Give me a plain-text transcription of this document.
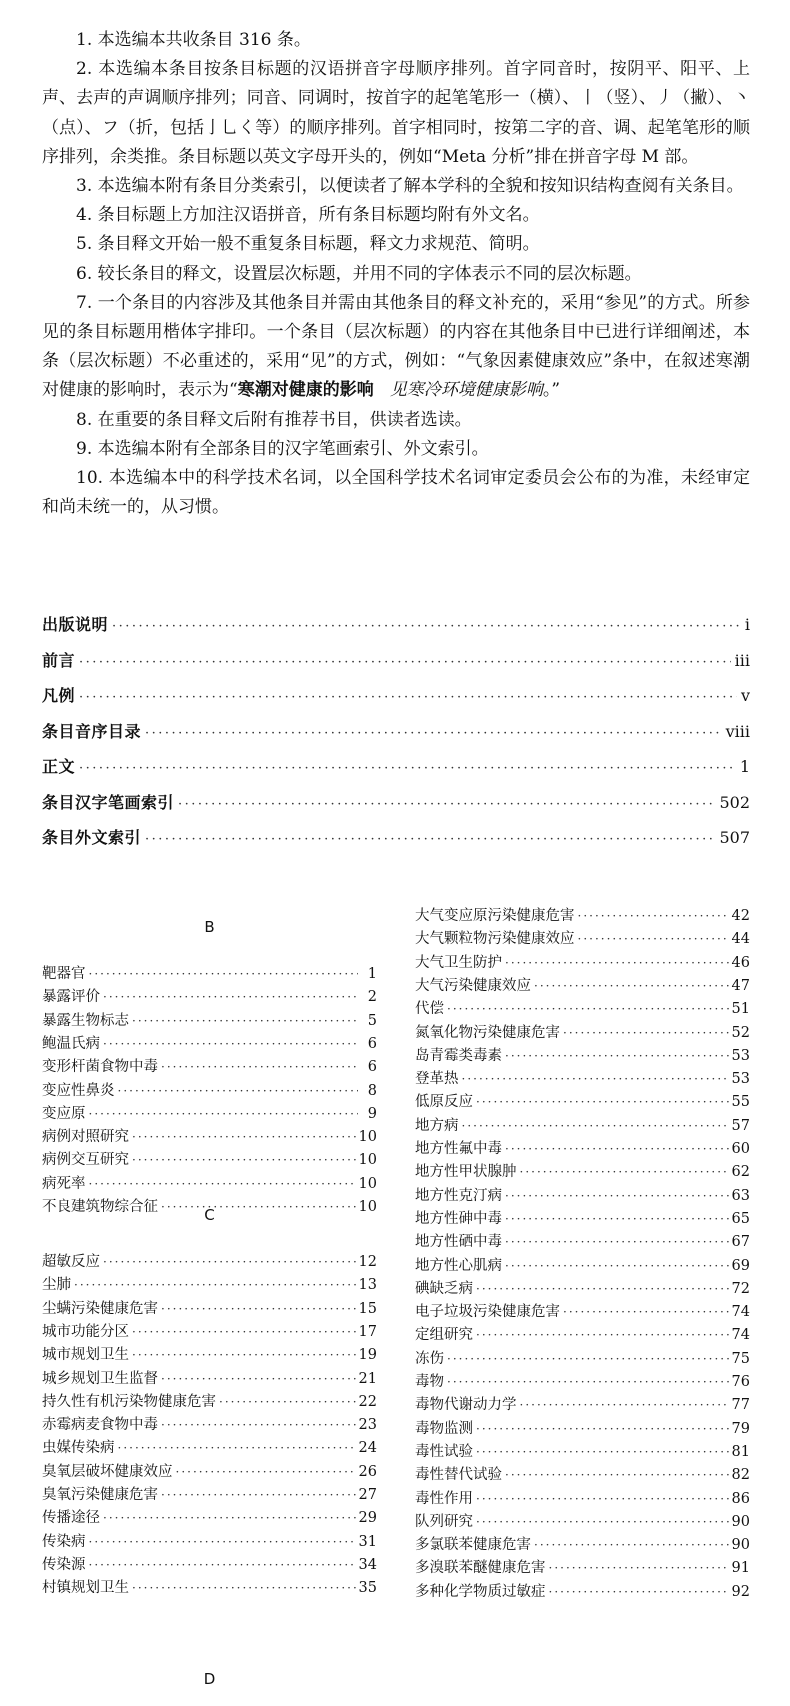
1. 本选编本共收条目 316 条。

2. 本选编本条目按条目标题的汉语拼音字母顺序排列。首字同音时，按阴平、阳平、上声、去声的声调顺序排列；同音、同调时，按首字的起笔笔形一（横）、丨（竖）、丿（撇）、丶（点）、フ（折，包括亅乚く等）的顺序排列。首字相同时，按第二字的音、调、起笔笔形的顺序排列，余类推。条目标题以英文字母开头的，例如“Meta 分析”排在拼音字母 M 部。

3. 本选编本附有条目分类索引，以便读者了解本学科的全貌和按知识结构查阅有关条目。

4. 条目标题上方加注汉语拼音，所有条目标题均附有外文名。

5. 条目释文开始一般不重复条目标题，释文力求规范、简明。

6. 较长条目的释文，设置层次标题，并用不同的字体表示不同的层次标题。

7. 一个条目的内容涉及其他条目并需由其他条目的释文补充的，采用“参见”的方式。所参见的条目标题用楷体字排印。一个条目（层次标题）的内容在其他条目中已进行详细阐述，本条（层次标题）不必重述的，采用“见”的方式，例如：“气象因素健康效应”条中，在叙述寒潮对健康的影响时，表示为“寒潮对健康的影响 见寒冷环境健康影响。”

8. 在重要的条目释文后附有推荐书目，供读者选读。

9. 本选编本附有全部条目的汉字笔画索引、外文索引。

10. 本选编本中的科学技术名词，以全国科学技术名词审定委员会公布的为准，未经审定和尚未统一的，从习惯。

出版说明 ·····	i
前言 ·····	iii
凡例 ·····	v
条目音序目录 ·····	viii
正文 ·····	1
条目汉字笔画索引 ·····	502
条目外文索引 ·····	507
B
C
D
靶器官 ·····	1
暴露评价 ·····	2
暴露生物标志 ·····	5
鲍温氏病 ·····	6
变形杆菌食物中毒 ·····	6
变应性鼻炎 ·····	8
变应原 ·····	9
病例对照研究 ·····	10
病例交互研究 ·····	10
病死率 ·····	10
不良建筑物综合征 ·····	10
超敏反应 ·····	12
尘肺 ·····	13
尘螨污染健康危害 ·····	15
城市功能分区 ·····	17
城市规划卫生 ·····	19
城乡规划卫生监督 ·····	21
持久性有机污染物健康危害 ·····	22
赤霉病麦食物中毒 ·····	23
虫媒传染病 ·····	24
臭氧层破坏健康效应 ·····	26
臭氧污染健康危害 ·····	27
传播途径 ·····	29
传染病 ·····	31
传染源 ·····	34
村镇规划卫生 ·····	35
大气变应原污染健康危害 ·····	42
大气颗粒物污染健康效应 ·····	44
大气卫生防护 ·····	46
大气污染健康效应 ·····	47
代偿 ·····	51
氮氧化物污染健康危害 ·····	52
岛青霉类毒素 ·····	53
登革热 ·····	53
低原反应 ·····	55
地方病 ·····	57
地方性氟中毒 ·····	60
地方性甲状腺肿 ·····	62
地方性克汀病 ·····	63
地方性砷中毒 ·····	65
地方性硒中毒 ·····	67
地方性心肌病 ·····	69
碘缺乏病 ·····	72
电子垃圾污染健康危害 ·····	74
定组研究 ·····	74
冻伤 ·····	75
毒物 ·····	76
毒物代谢动力学 ·····	77
毒物监测 ·····	79
毒性试验 ·····	81
毒性替代试验 ·····	82
毒性作用 ·····	86
队列研究 ·····	90
多氯联苯健康危害 ·····	90
多溴联苯醚健康危害 ·····	91
多种化学物质过敏症 ·····	92
